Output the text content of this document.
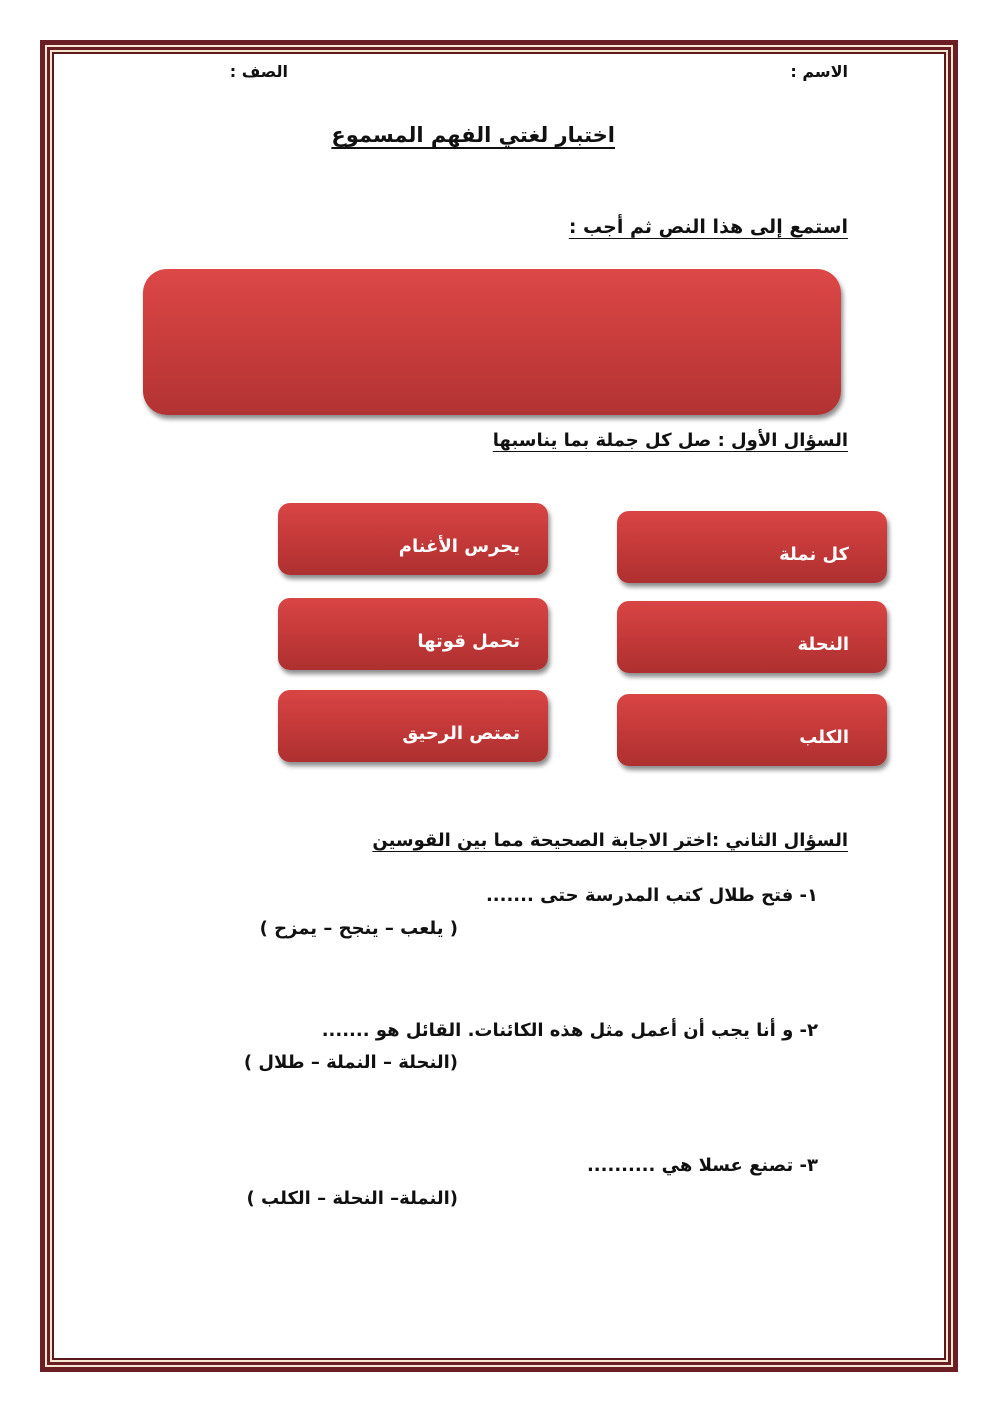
الاسم :
الصف :
اختبار لغتي الفهم المسموع
استمع إلى هذا النص ثم أجب :
السؤال الأول : صل كل جملة بما يناسبها
كل نملة
النحلة
الكلب
يحرس الأغنام
تحمل قوتها
تمتص الرحيق
السؤال الثاني :اختر الاجابة الصحيحة مما بين القوسين
١- فتح طلال كتب المدرسة حتى .......
( يلعب – ينجح – يمزح )
٢- و أنا يجب أن أعمل مثل هذه الكائنات. القائل هو .......
(النحلة – النملة – طلال )
٣- تصنع عسلا هي ..........
(النملة– النحلة – الكلب )
